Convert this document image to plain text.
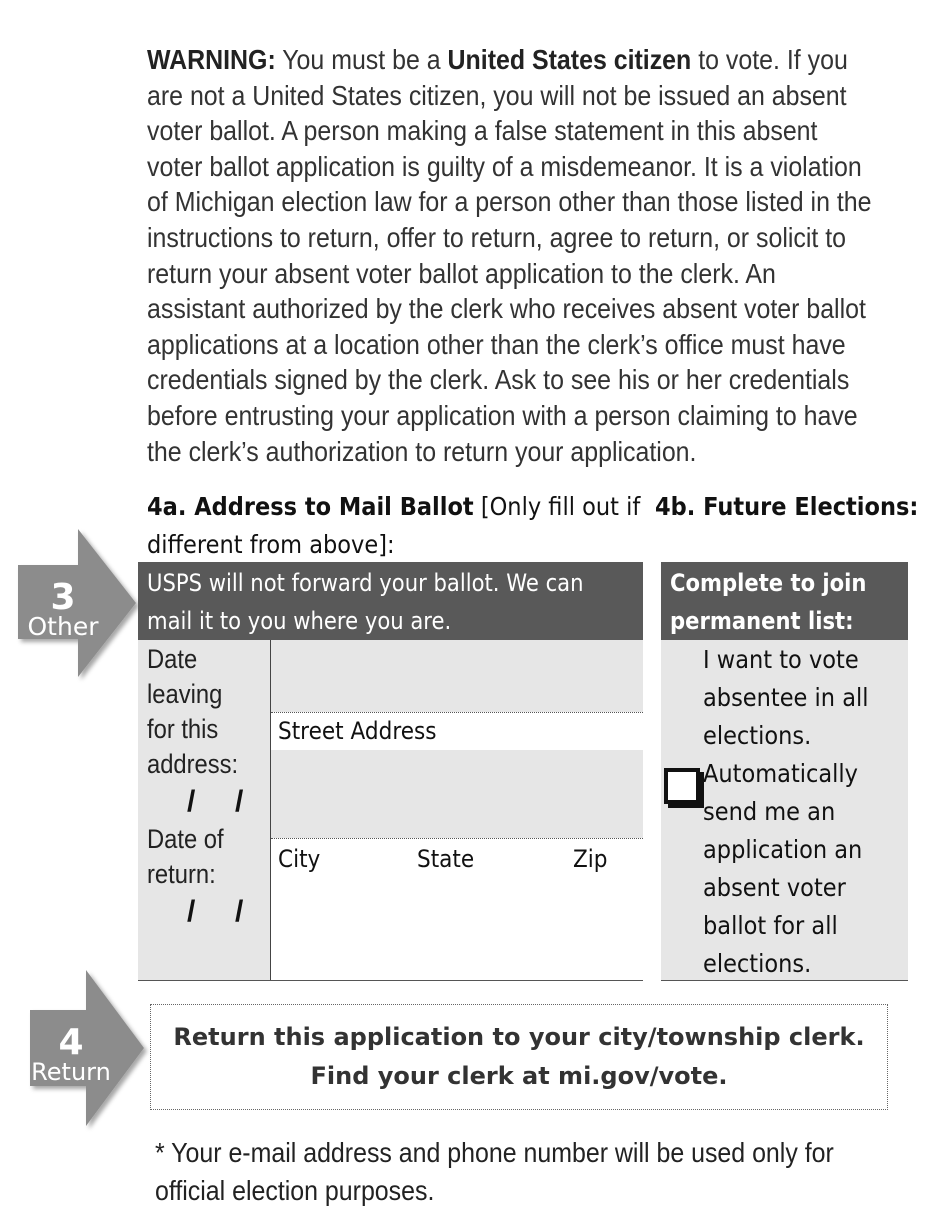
WARNING: You must be a United States citizen to vote. If you are not a United States citizen, you will not be issued an absent voter ballot. A person making a false statement in this absent voter ballot application is guilty of a misdemeanor. It is a violation of Michigan election law for a person other than those listed in the instructions to return, offer to return, agree to return, or solicit to return your absent voter ballot application to the clerk. An assistant authorized by the clerk who receives absent voter ballot applications at a location other than the clerk’s office must have credentials signed by the clerk. Ask to see his or her credentials before entrusting your application with a person claiming to have the clerk’s authorization to return your application.
4a. Address to Mail Ballot [Only fill out if different from above]:
4b. Future Elections:
3
Other
USPS will not forward your ballot. We can mail it to you where you are.
Date leaving for this address:
/ /
Date of return:
/ /
Street Address
City	State	Zip
Complete to join permanent list:
I want to vote absentee in all elections. Automatically send me an application an absent voter ballot for all elections.
4
Return
Return this application to your city/township clerk.
Find your clerk at mi.gov/vote.
* Your e-mail address and phone number will be used only for official election purposes.
